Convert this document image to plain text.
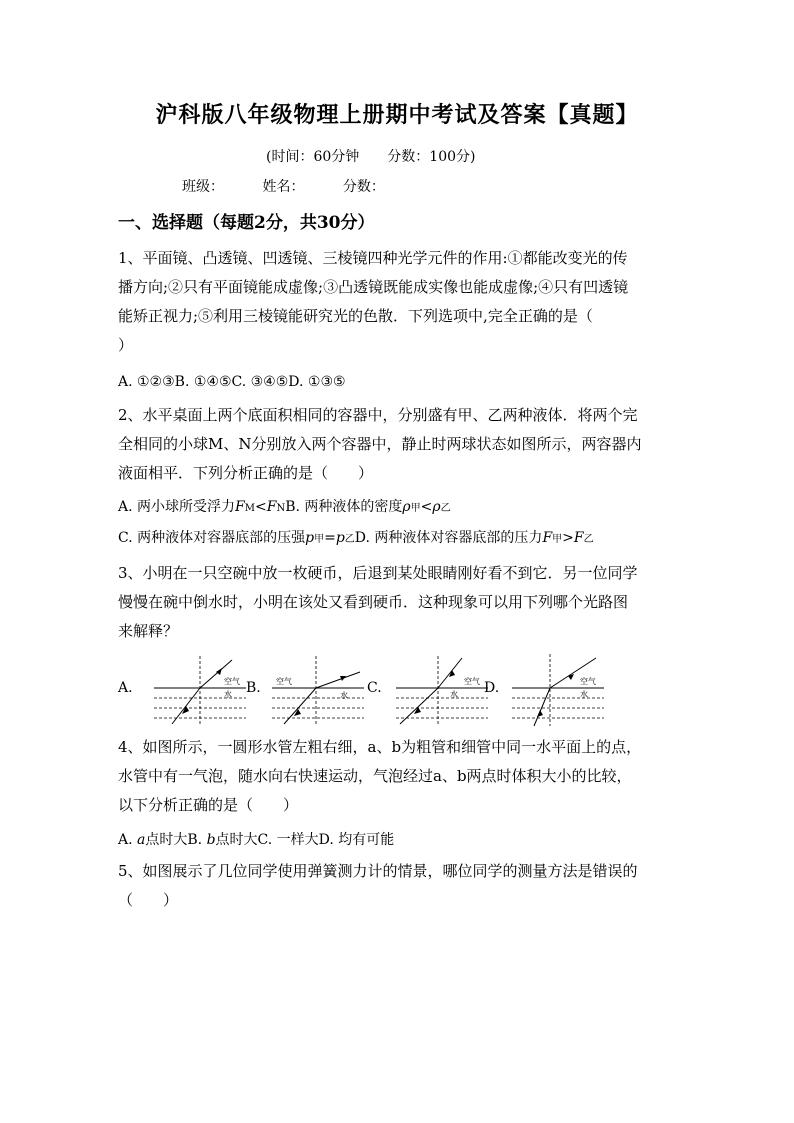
沪科版八年级物理上册期中考试及答案【真题】
(时间：60分钟 分数：100分)
班级：	姓名：	分数：
一、选择题（每题2分，共30分）
1、平面镜、凸透镜、凹透镜、三棱镜四种光学元件的作用:①都能改变光的传
播方向;②只有平面镜能成虚像;③凸透镜既能成实像也能成虚像;④只有凹透镜
能矫正视力;⑤利用三棱镜能研究光的色散．下列选项中,完全正确的是（
）
A. ①②③B. ①④⑤C. ③④⑤D. ①③⑤
2、水平桌面上两个底面积相同的容器中，分别盛有甲、乙两种液体．将两个完
全相同的小球M、N分别放入两个容器中，静止时两球状态如图所示，两容器内
液面相平．下列分析正确的是（　　）
A. 两小球所受浮力FM<FNB. 两种液体的密度ρ甲<ρ乙
C. 两种液体对容器底部的压强p甲=p乙D. 两种液体对容器底部的压力F甲>F乙
3、小明在一只空碗中放一枚硬币，后退到某处眼睛刚好看不到它．另一位同学
慢慢在碗中倒水时，小明在该处又看到硬币．这种现象可以用下列哪个光路图
来解释？
A.	B.	C.	D.
空气
水	水
空气	空气
水
空气
水
4、如图所示，一圆形水管左粗右细，a、b为粗管和细管中同一水平面上的点，
水管中有一气泡，随水向右快速运动，气泡经过a、b两点时体积大小的比较，
以下分析正确的是（　　）
A. a点时大B. b点时大C. 一样大D. 均有可能
5、如图展示了几位同学使用弹簧测力计的情景，哪位同学的测量方法是错误的
（　　）
